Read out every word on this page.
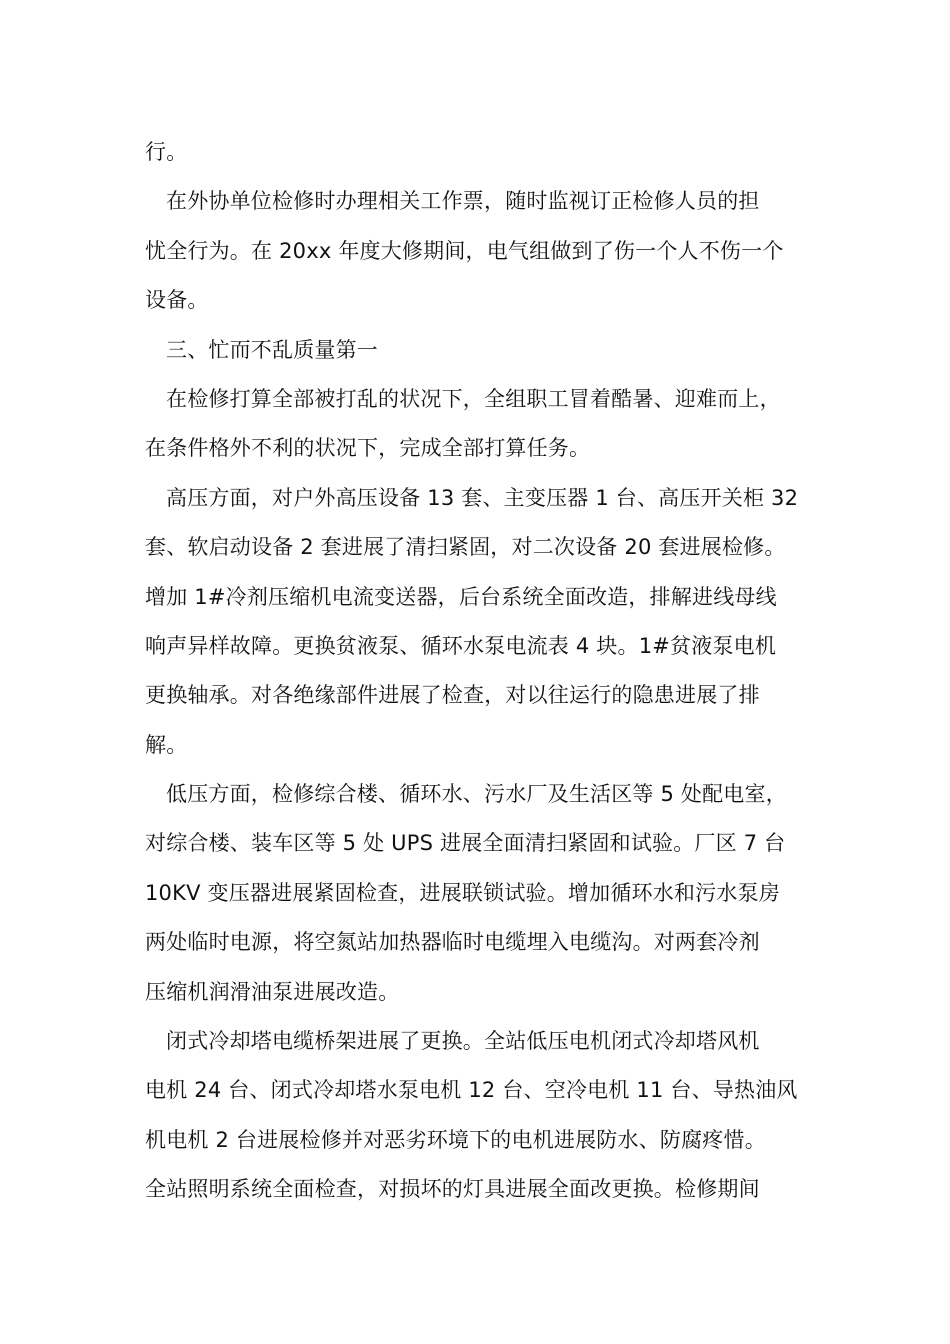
行。
在外协单位检修时办理相关工作票，随时监视订正检修人员的担
忧全行为。在 20xx 年度大修期间，电气组做到了伤一个人不伤一个
设备。
三、忙而不乱质量第一
在检修打算全部被打乱的状况下，全组职工冒着酷暑、迎难而上，
在条件格外不利的状况下，完成全部打算任务。
高压方面，对户外高压设备 13 套、主变压器 1 台、高压开关柜 32
套、软启动设备 2 套进展了清扫紧固，对二次设备 20 套进展检修。
增加 1#冷剂压缩机电流变送器，后台系统全面改造，排解进线母线
响声异样故障。更换贫液泵、循环水泵电流表 4 块。1#贫液泵电机
更换轴承。对各绝缘部件进展了检查，对以往运行的隐患进展了排
解。
低压方面，检修综合楼、循环水、污水厂及生活区等 5 处配电室，
对综合楼、装车区等 5 处 UPS 进展全面清扫紧固和试验。厂区 7 台
10KV 变压器进展紧固检查，进展联锁试验。增加循环水和污水泵房
两处临时电源，将空氮站加热器临时电缆埋入电缆沟。对两套冷剂
压缩机润滑油泵进展改造。
闭式冷却塔电缆桥架进展了更换。全站低压电机闭式冷却塔风机
电机 24 台、闭式冷却塔水泵电机 12 台、空冷电机 11 台、导热油风
机电机 2 台进展检修并对恶劣环境下的电机进展防水、防腐疼惜。
全站照明系统全面检查，对损坏的灯具进展全面改更换。检修期间
